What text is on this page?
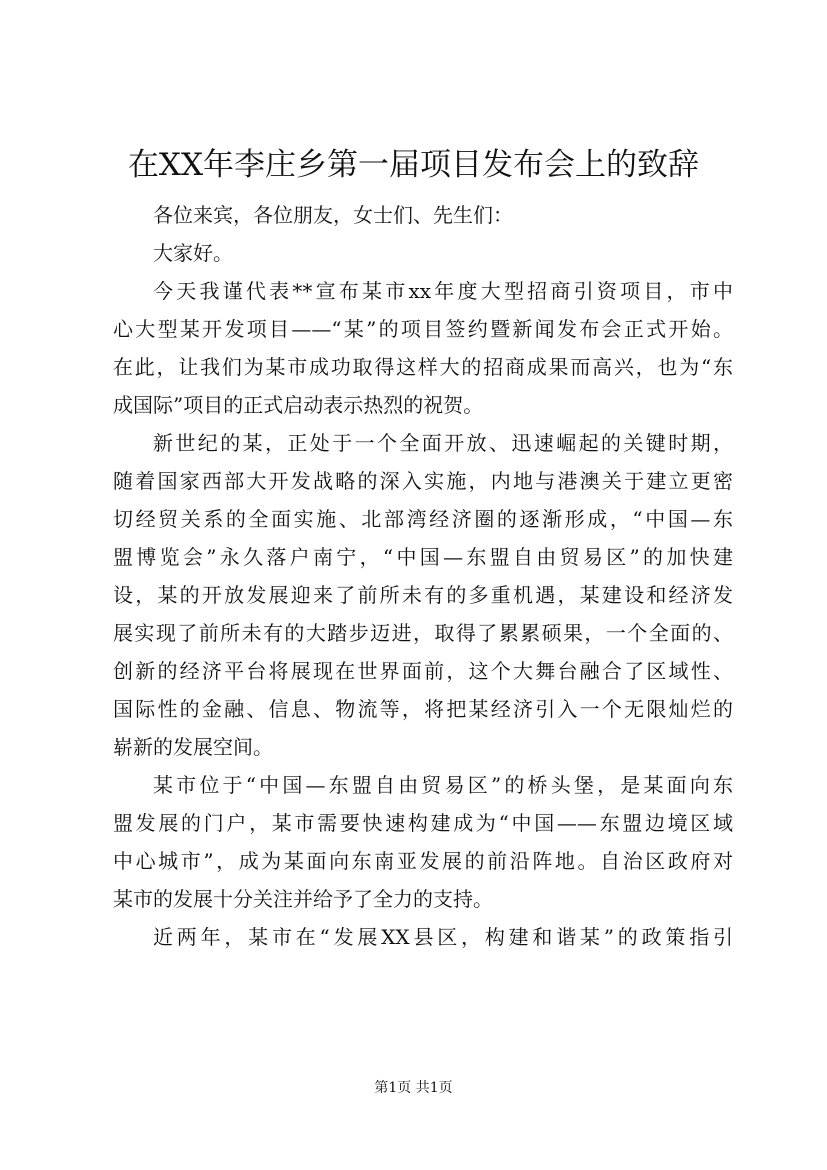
在XX年李庄乡第一届项目发布会上的致辞
各位来宾，各位朋友，女士们、先生们：
大家好。
今天我谨代表**宣布某市xx年度大型招商引资项目，市中
心大型某开发项目——“某”的项目签约暨新闻发布会正式开始。
在此，让我们为某市成功取得这样大的招商成果而高兴，也为“东
成国际”项目的正式启动表示热烈的祝贺。
新世纪的某，正处于一个全面开放、迅速崛起的关键时期，
随着国家西部大开发战略的深入实施，内地与港澳关于建立更密
切经贸关系的全面实施、北部湾经济圈的逐渐形成，“中国—东
盟博览会”永久落户南宁，“中国—东盟自由贸易区”的加快建
设，某的开放发展迎来了前所未有的多重机遇，某建设和经济发
展实现了前所未有的大踏步迈进，取得了累累硕果，一个全面的、
创新的经济平台将展现在世界面前，这个大舞台融合了区域性、
国际性的金融、信息、物流等，将把某经济引入一个无限灿烂的
崭新的发展空间。
某市位于“中国—东盟自由贸易区”的桥头堡，是某面向东
盟发展的门户，某市需要快速构建成为“中国——东盟边境区域
中心城市”，成为某面向东南亚发展的前沿阵地。自治区政府对
某市的发展十分关注并给予了全力的支持。
近两年，某市在“发展XX县区，构建和谐某”的政策指引
第1页 共1页
